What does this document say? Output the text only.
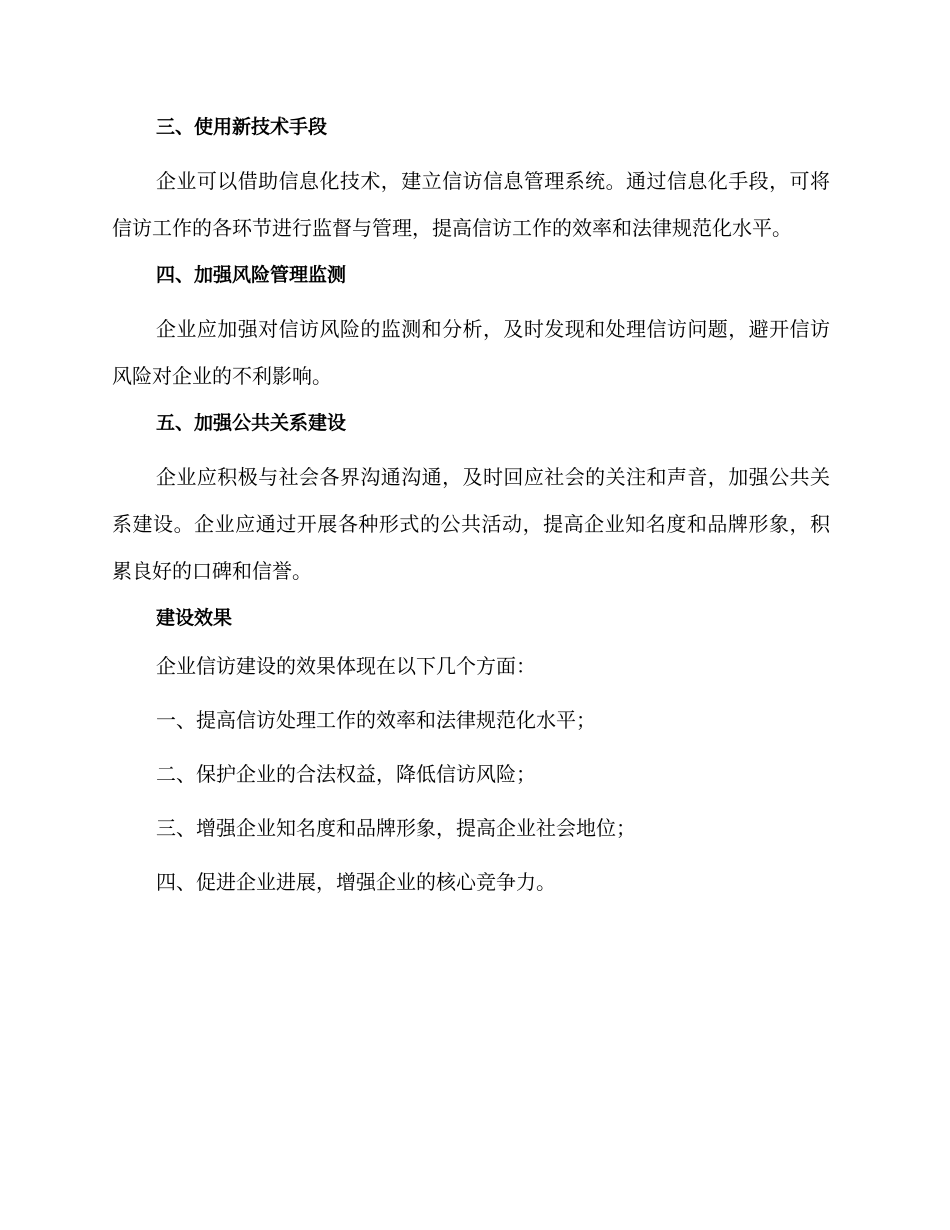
三、使用新技术手段

企业可以借助信息化技术，建立信访信息管理系统。通过信息化手段，可将信访工作的各环节进行监督与管理，提高信访工作的效率和法律规范化水平。

四、加强风险管理监测

企业应加强对信访风险的监测和分析，及时发现和处理信访问题，避开信访风险对企业的不利影响。

五、加强公共关系建设

企业应积极与社会各界沟通沟通，及时回应社会的关注和声音，加强公共关系建设。企业应通过开展各种形式的公共活动，提高企业知名度和品牌形象，积累良好的口碑和信誉。

建设效果
企业信访建设的效果体现在以下几个方面：
一、提高信访处理工作的效率和法律规范化水平；
二、保护企业的合法权益，降低信访风险；
三、增强企业知名度和品牌形象，提高企业社会地位；
四、促进企业进展，增强企业的核心竞争力。
